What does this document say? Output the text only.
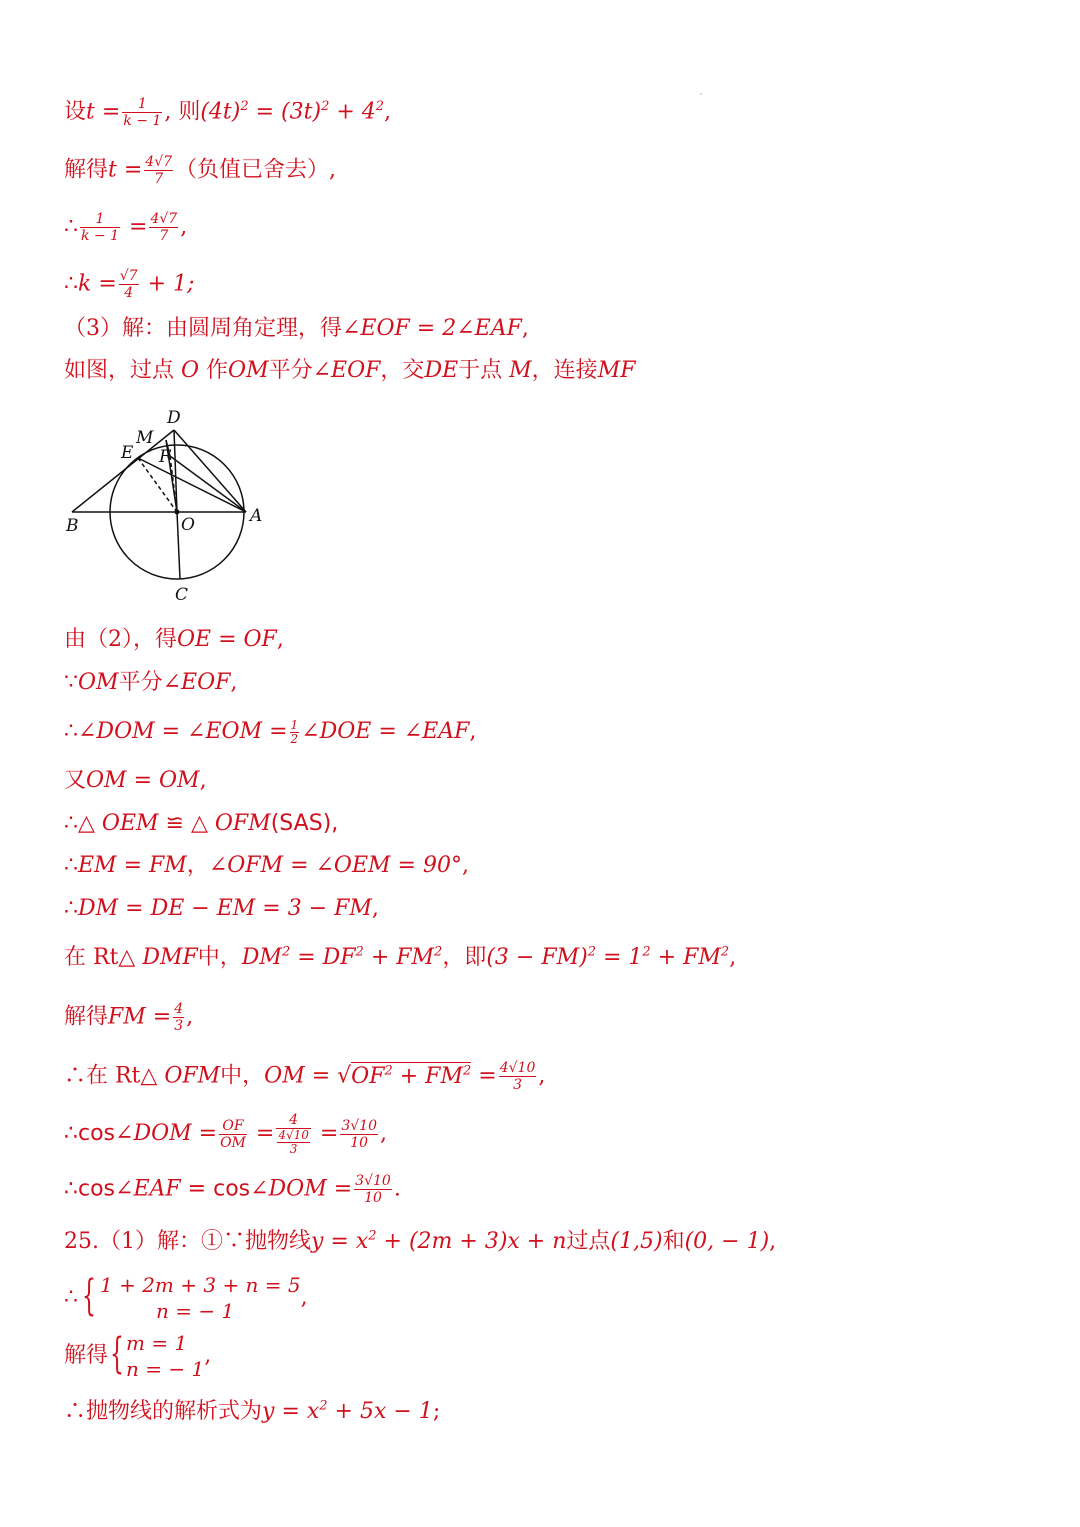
设$t = \frac{1}{k - 1}$ , 则$(4t)^2 = (3t)^2 + 4^2$,
解得$t = \frac{4√7}{7}$ （负值已舍去）,
∴ $\frac{1}{k - 1} = \frac{4√7}{7}$ ,
∴k = $\frac{√7}{4} + 1$;
（3）解：由圆周角定理，得∠EOF = 2∠EAF,
如图，过点 O 作OM平分∠EOF，交DE于点 M，连接MF
D
M
E F
B	O	A
C
由（2），得OE = OF,
∵OM平分∠EOF,
∴∠DOM = ∠EOM = $\frac{1}{2}$ ∠DOE = ∠EAF,
又OM = OM,
∴△ OEM ≌ △ OFM(SAS),
∴EM = FM，∠OFM = ∠OEM = 90°,
∴DM = DE − EM = 3 − FM,
在 Rt△ DMF中，$DM^2 = DF^2 + FM^2$，即$(3 - FM)^2 = 1^2 + FM^2$,
解得FM = $\frac{4}{3}$ ,
∴在 Rt△ OFM中，OM = $√OF^2 + FM^2 = \frac{4√10}{3}$ ,
∴cos∠DOM = $\frac{OF}{OM} = \frac{4}{\frac{4√10}{3}} = \frac{3√10}{10}$ ,
∴cos∠EAF = cos∠DOM = $\frac{3√10}{10}$ .
25.（1）解：①∵抛物线$y = x^2 + (2m + 3)x + n$过点(1,5)和(0, − 1),
∴ { 1 + 2m + 3 + n = 5
n = − 1
,
解得{ m = 1
n = − 1
,
∴抛物线的解析式为$y = x^2 + 5x - 1$;
